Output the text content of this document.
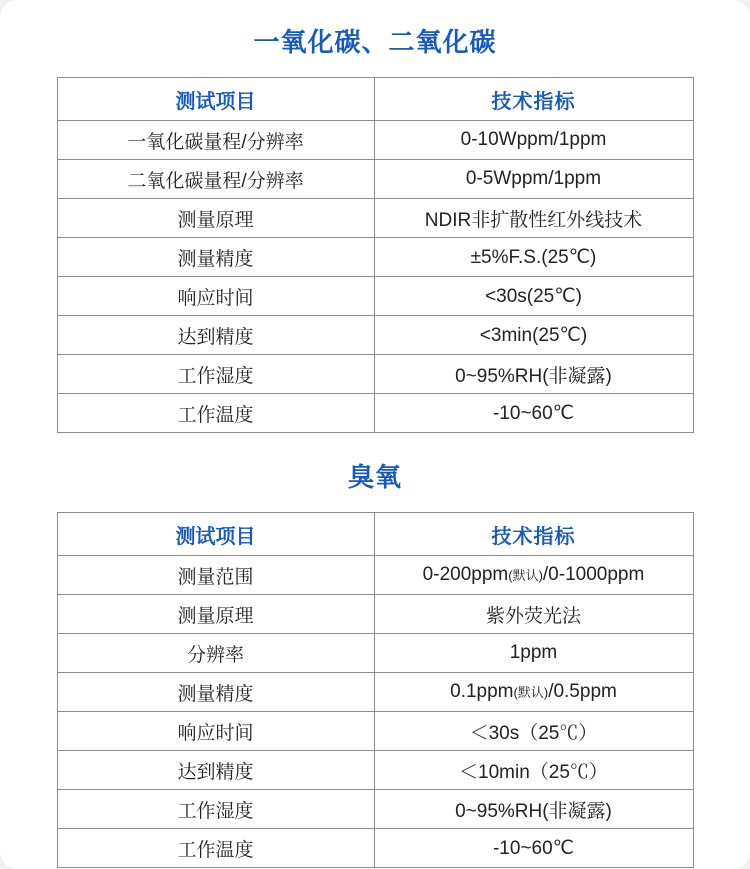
一氧化碳、二氧化碳
测试项目	技术指标
一氧化碳量程/分辨率	0-10Wppm/1ppm
二氧化碳量程/分辨率	0-5Wppm/1ppm
测量原理	NDIR非扩散性红外线技术
测量精度	±5%F.S.(25℃)
响应时间	<30s(25℃)
达到精度	<3min(25℃)
工作湿度	0~95%RH(非凝露)
工作温度	-10~60℃
臭氧
测试项目	技术指标
测量范围	0-200ppm(默认)/0-1000ppm
测量原理	紫外荧光法
分辨率	1ppm
测量精度	0.1ppm(默认)/0.5ppm
响应时间	＜30s（25℃）
达到精度	＜10min（25℃）
工作湿度	0~95%RH(非凝露)
工作温度	-10~60℃
